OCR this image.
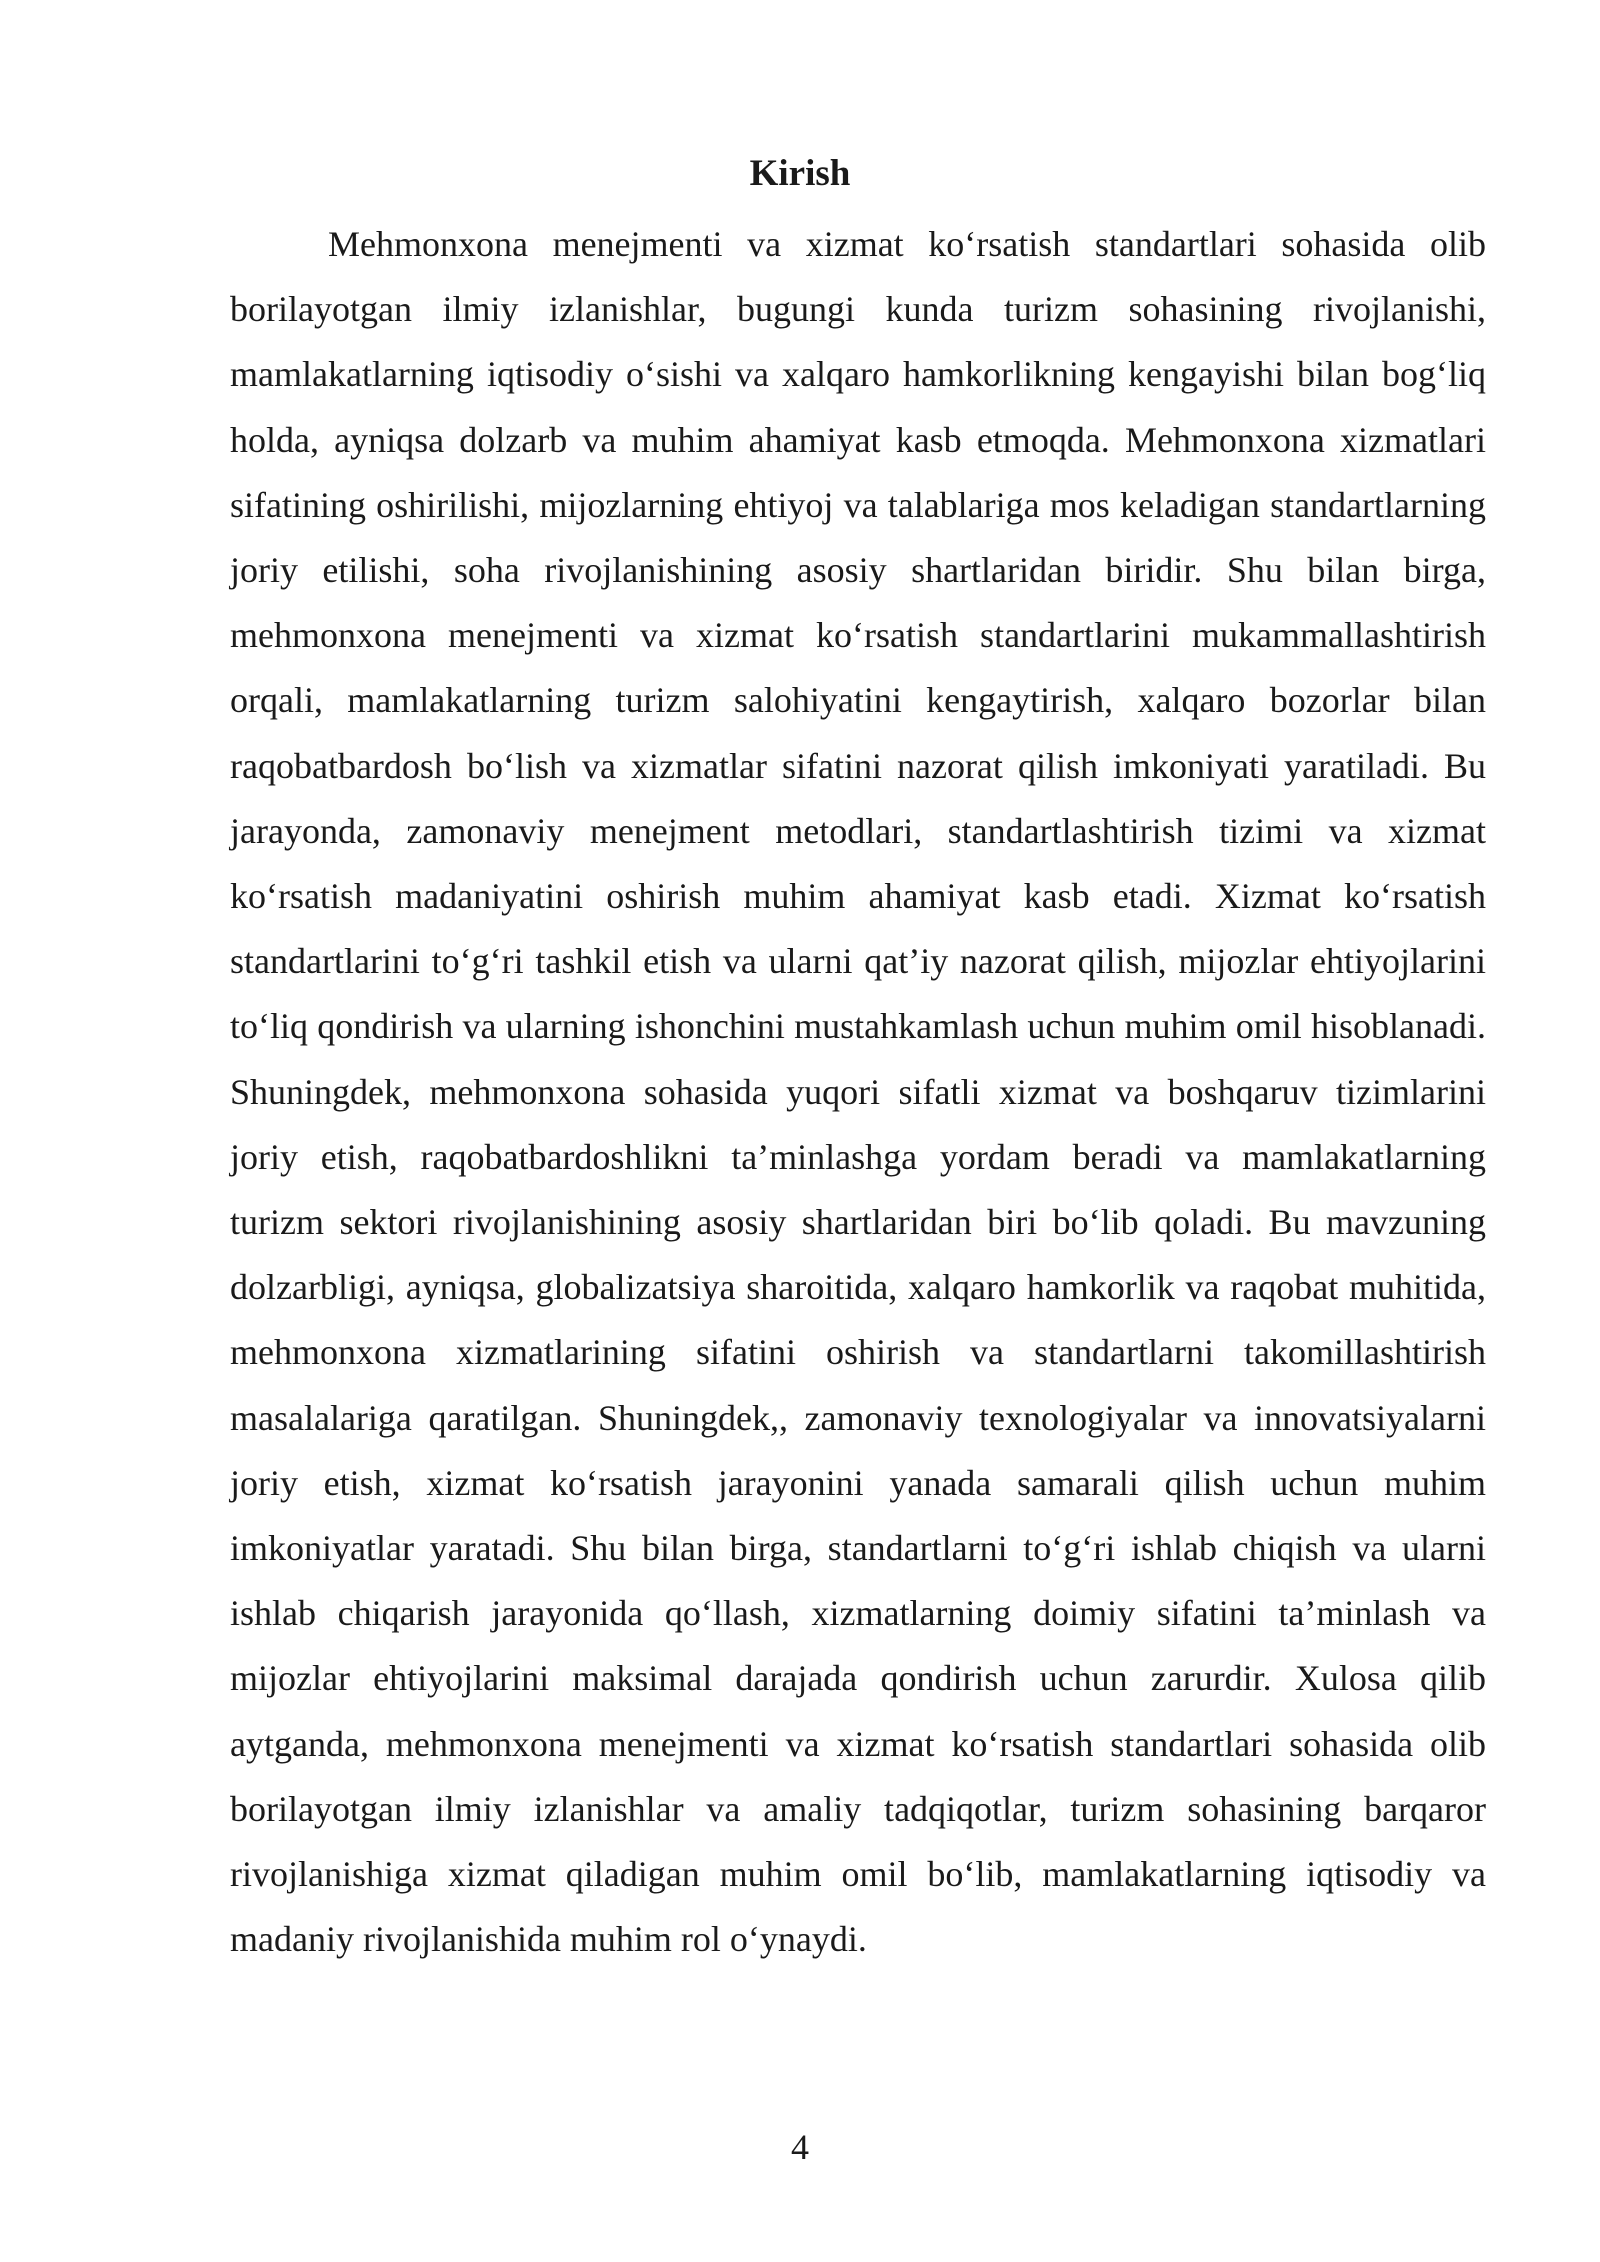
Kirish

Mehmonxona menejmenti va xizmat ko‘rsatish standartlari sohasida olib borilayotgan ilmiy izlanishlar, bugungi kunda turizm sohasining rivojlanishi, mamlakatlarning iqtisodiy o‘sishi va xalqaro hamkorlikning kengayishi bilan bog‘liq holda, ayniqsa dolzarb va muhim ahamiyat kasb etmoqda. Mehmonxona xizmatlari sifatining oshirilishi, mijozlarning ehtiyoj va talablariga mos keladigan standartlarning joriy etilishi, soha rivojlanishining asosiy shartlaridan biridir. Shu bilan birga, mehmonxona menejmenti va xizmat ko‘rsatish standartlarini mukammallashtirish orqali, mamlakatlarning turizm salohiyatini kengaytirish, xalqaro bozorlar bilan raqobatbardosh bo‘lish va xizmatlar sifatini nazorat qilish imkoniyati yaratiladi. Bu jarayonda, zamonaviy menejment metodlari, standartlashtirish tizimi va xizmat ko‘rsatish madaniyatini oshirish muhim ahamiyat kasb etadi. Xizmat ko‘rsatish standartlarini to‘g‘ri tashkil etish va ularni qat’iy nazorat qilish, mijozlar ehtiyojlarini to‘liq qondirish va ularning ishonchini mustahkamlash uchun muhim omil hisoblanadi. Shuningdek, mehmonxona sohasida yuqori sifatli xizmat va boshqaruv tizimlarini joriy etish, raqobatbardoshlikni ta’minlashga yordam beradi va mamlakatlarning turizm sektori rivojlanishining asosiy shartlaridan biri bo‘lib qoladi. Bu mavzuning dolzarbligi, ayniqsa, globalizatsiya sharoitida, xalqaro hamkorlik va raqobat muhitida, mehmonxona xizmatlarining sifatini oshirish va standartlarni takomillashtirish masalalariga qaratilgan. Shuningdek,, zamonaviy texnologiyalar va innovatsiyalarni joriy etish, xizmat ko‘rsatish jarayonini yanada samarali qilish uchun muhim imkoniyatlar yaratadi. Shu bilan birga, standartlarni to‘g‘ri ishlab chiqish va ularni ishlab chiqarish jarayonida qo‘llash, xizmatlarning doimiy sifatini ta’minlash va mijozlar ehtiyojlarini maksimal darajada qondirish uchun zarurdir. Xulosa qilib aytganda, mehmonxona menejmenti va xizmat ko‘rsatish standartlari sohasida olib borilayotgan ilmiy izlanishlar va amaliy tadqiqotlar, turizm sohasining barqaror rivojlanishiga xizmat qiladigan muhim omil bo‘lib, mamlakatlarning iqtisodiy va madaniy rivojlanishida muhim rol o‘ynaydi.

4
